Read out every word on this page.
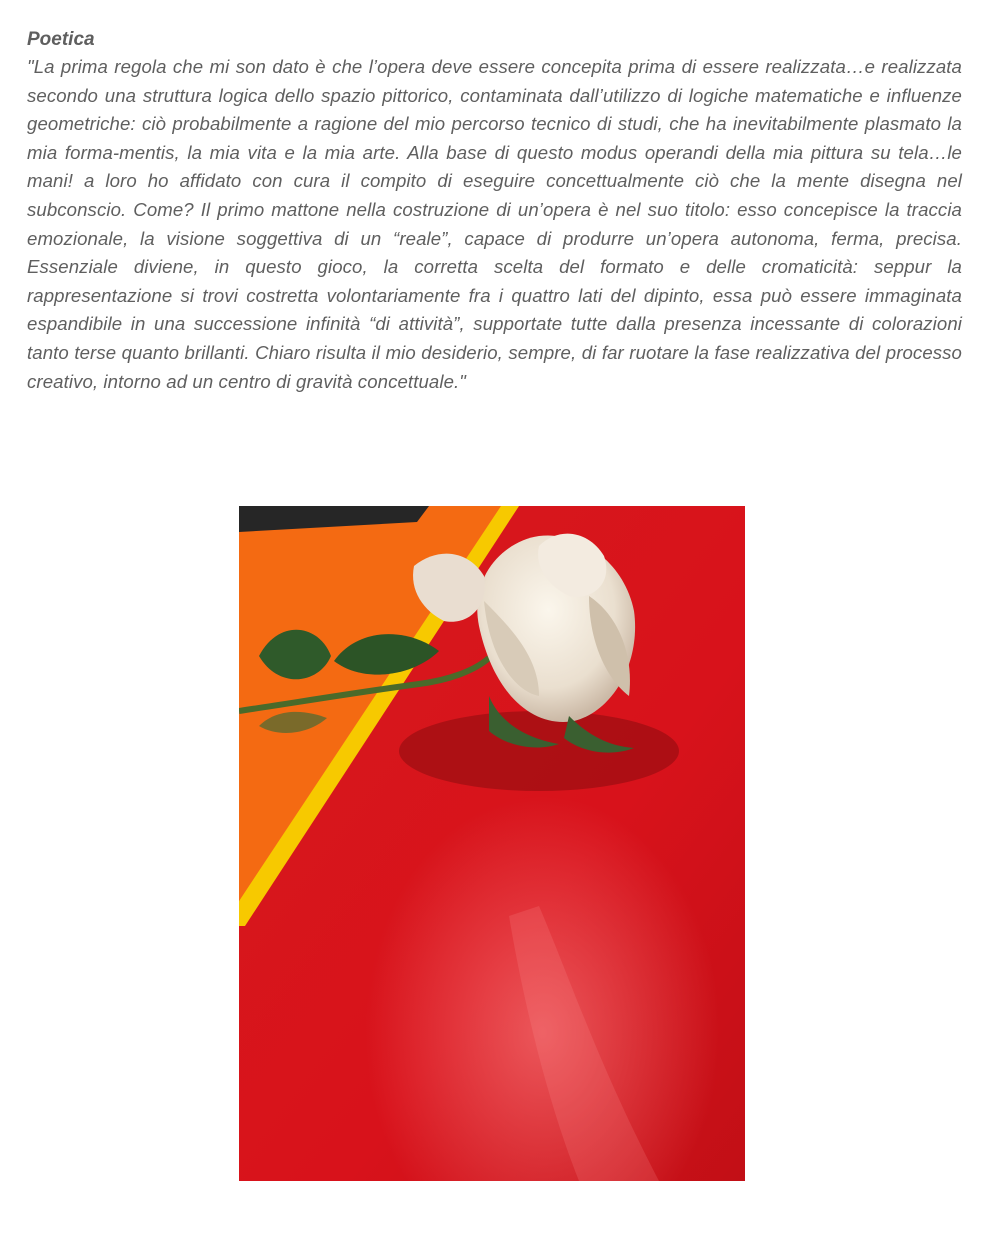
Poetica

"La prima regola che mi son dato è che l’opera deve essere concepita prima di essere realizzata…e realizzata secondo una struttura logica dello spazio pittorico, contaminata dall’utilizzo di logiche matematiche e influenze geometriche: ciò probabilmente a ragione del mio percorso tecnico di studi, che ha inevitabilmente plasmato la mia forma-mentis, la mia vita e la mia arte. Alla base di questo modus operandi della mia pittura su tela…le mani! a loro ho affidato con cura il compito di eseguire concettualmente ciò che la mente disegna nel subconscio. Come? Il primo mattone nella costruzione di un’opera è nel suo titolo: esso concepisce la traccia emozionale, la visione soggettiva di un “reale”, capace di produrre un’opera autonoma, ferma, precisa. Essenziale diviene, in questo gioco, la corretta scelta del formato e delle cromaticità: seppur la rappresentazione si trovi costretta volontariamente fra i quattro lati del dipinto, essa può essere immaginata espandibile in una successione infinità “di attività”, supportate tutte dalla presenza incessante di colorazioni tanto terse quanto brillanti. Chiaro risulta il mio desiderio, sempre, di far ruotare la fase realizzativa del processo creativo, intorno ad un centro di gravità concettuale."
